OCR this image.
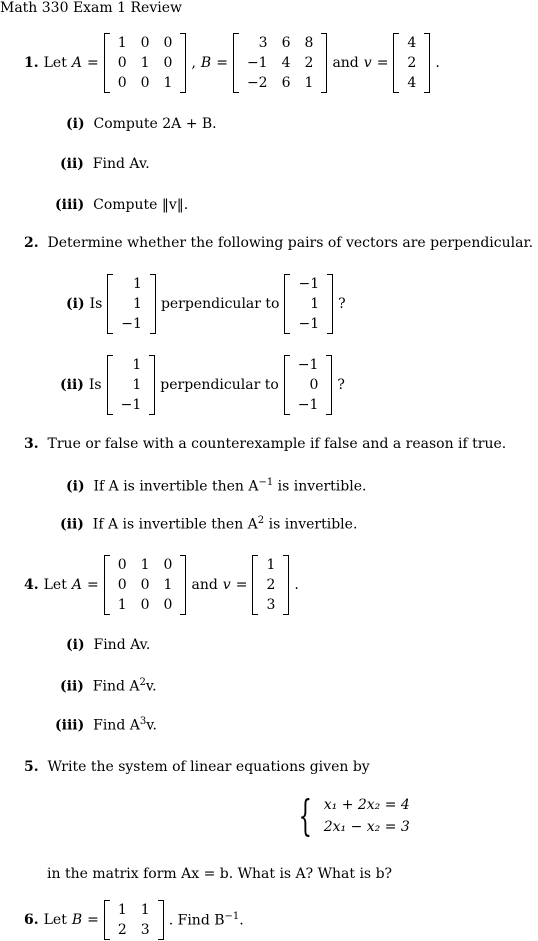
Math 330 Exam 1 Review
1. Let A =
1	0	0
0	1	0
0	0	1
, B =
3	6	8
−1	4	2
−2	6	1
and v =
4
2
4
.
(i) Compute 2A + B.
(ii) Find Av.
(iii) Compute ‖v‖.
2. Determine whether the following pairs of vectors are perpendicular.
(i) Is
1
1
−1
perpendicular to
−1
1
−1
?
(ii) Is
1
1
−1
perpendicular to
−1
0
−1
?
3. True or false with a counterexample if false and a reason if true.
(i) If A is invertible then $A^{-1}$ is invertible.
(ii) If A is invertible then $A^2$ is invertible.
4. Let A =
0	1	0
0	0	1
1	0	0
and v =
1
2
3
.
(i) Find Av.
(ii) Find $A^2v$.
(iii) Find $A^3v$.
5. Write the system of linear equations given by
{ x₁ + 2x₂ = 4
2x₁ − x₂ = 3
in the matrix form Ax = b. What is A? What is b?
6. Let B =
1	1
2	3
. Find $B^{-1}$.
